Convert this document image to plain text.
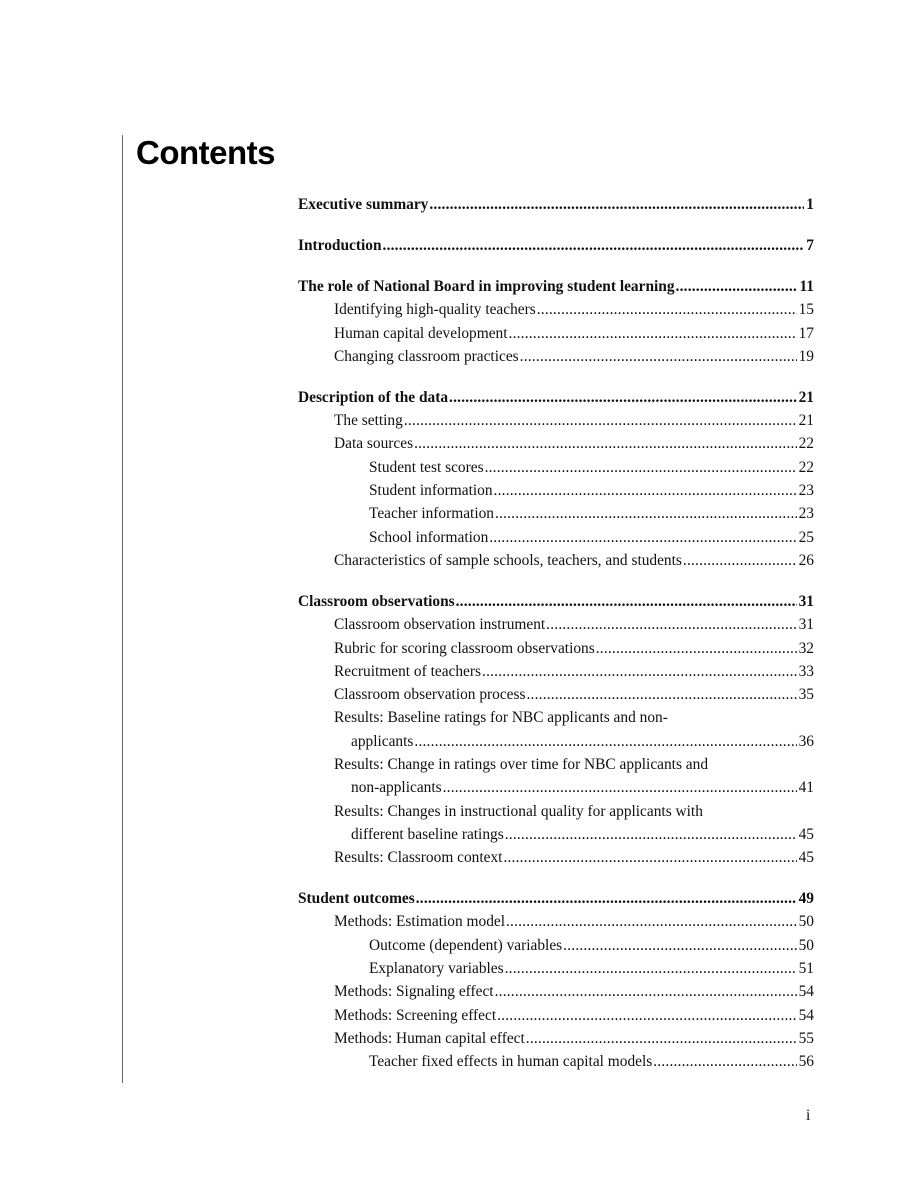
Contents
Executive summary .....	1
Introduction .....	7
The role of National Board in improving student learning .....	11
Identifying high-quality teachers .....	15
Human capital development .....	17
Changing classroom practices .....	19
Description of the data .....	21
The setting .....	21
Data sources .....	22
Student test scores .....	22
Student information .....	23
Teacher information .....	23
School information .....	25
Characteristics of sample schools, teachers, and students .....	26
Classroom observations .....	31
Classroom observation instrument .....	31
Rubric for scoring classroom observations .....	32
Recruitment of teachers .....	33
Classroom observation process .....	35
Results: Baseline ratings for NBC applicants and non-
applicants .....	36
Results: Change in ratings over time for NBC applicants and
non-applicants .....	41
Results: Changes in instructional quality for applicants with
different baseline ratings .....	45
Results: Classroom context .....	45
Student outcomes .....	49
Methods: Estimation model .....	50
Outcome (dependent) variables .....	50
Explanatory variables .....	51
Methods: Signaling effect .....	54
Methods: Screening effect .....	54
Methods: Human capital effect .....	55
Teacher fixed effects in human capital models .....	56
i
